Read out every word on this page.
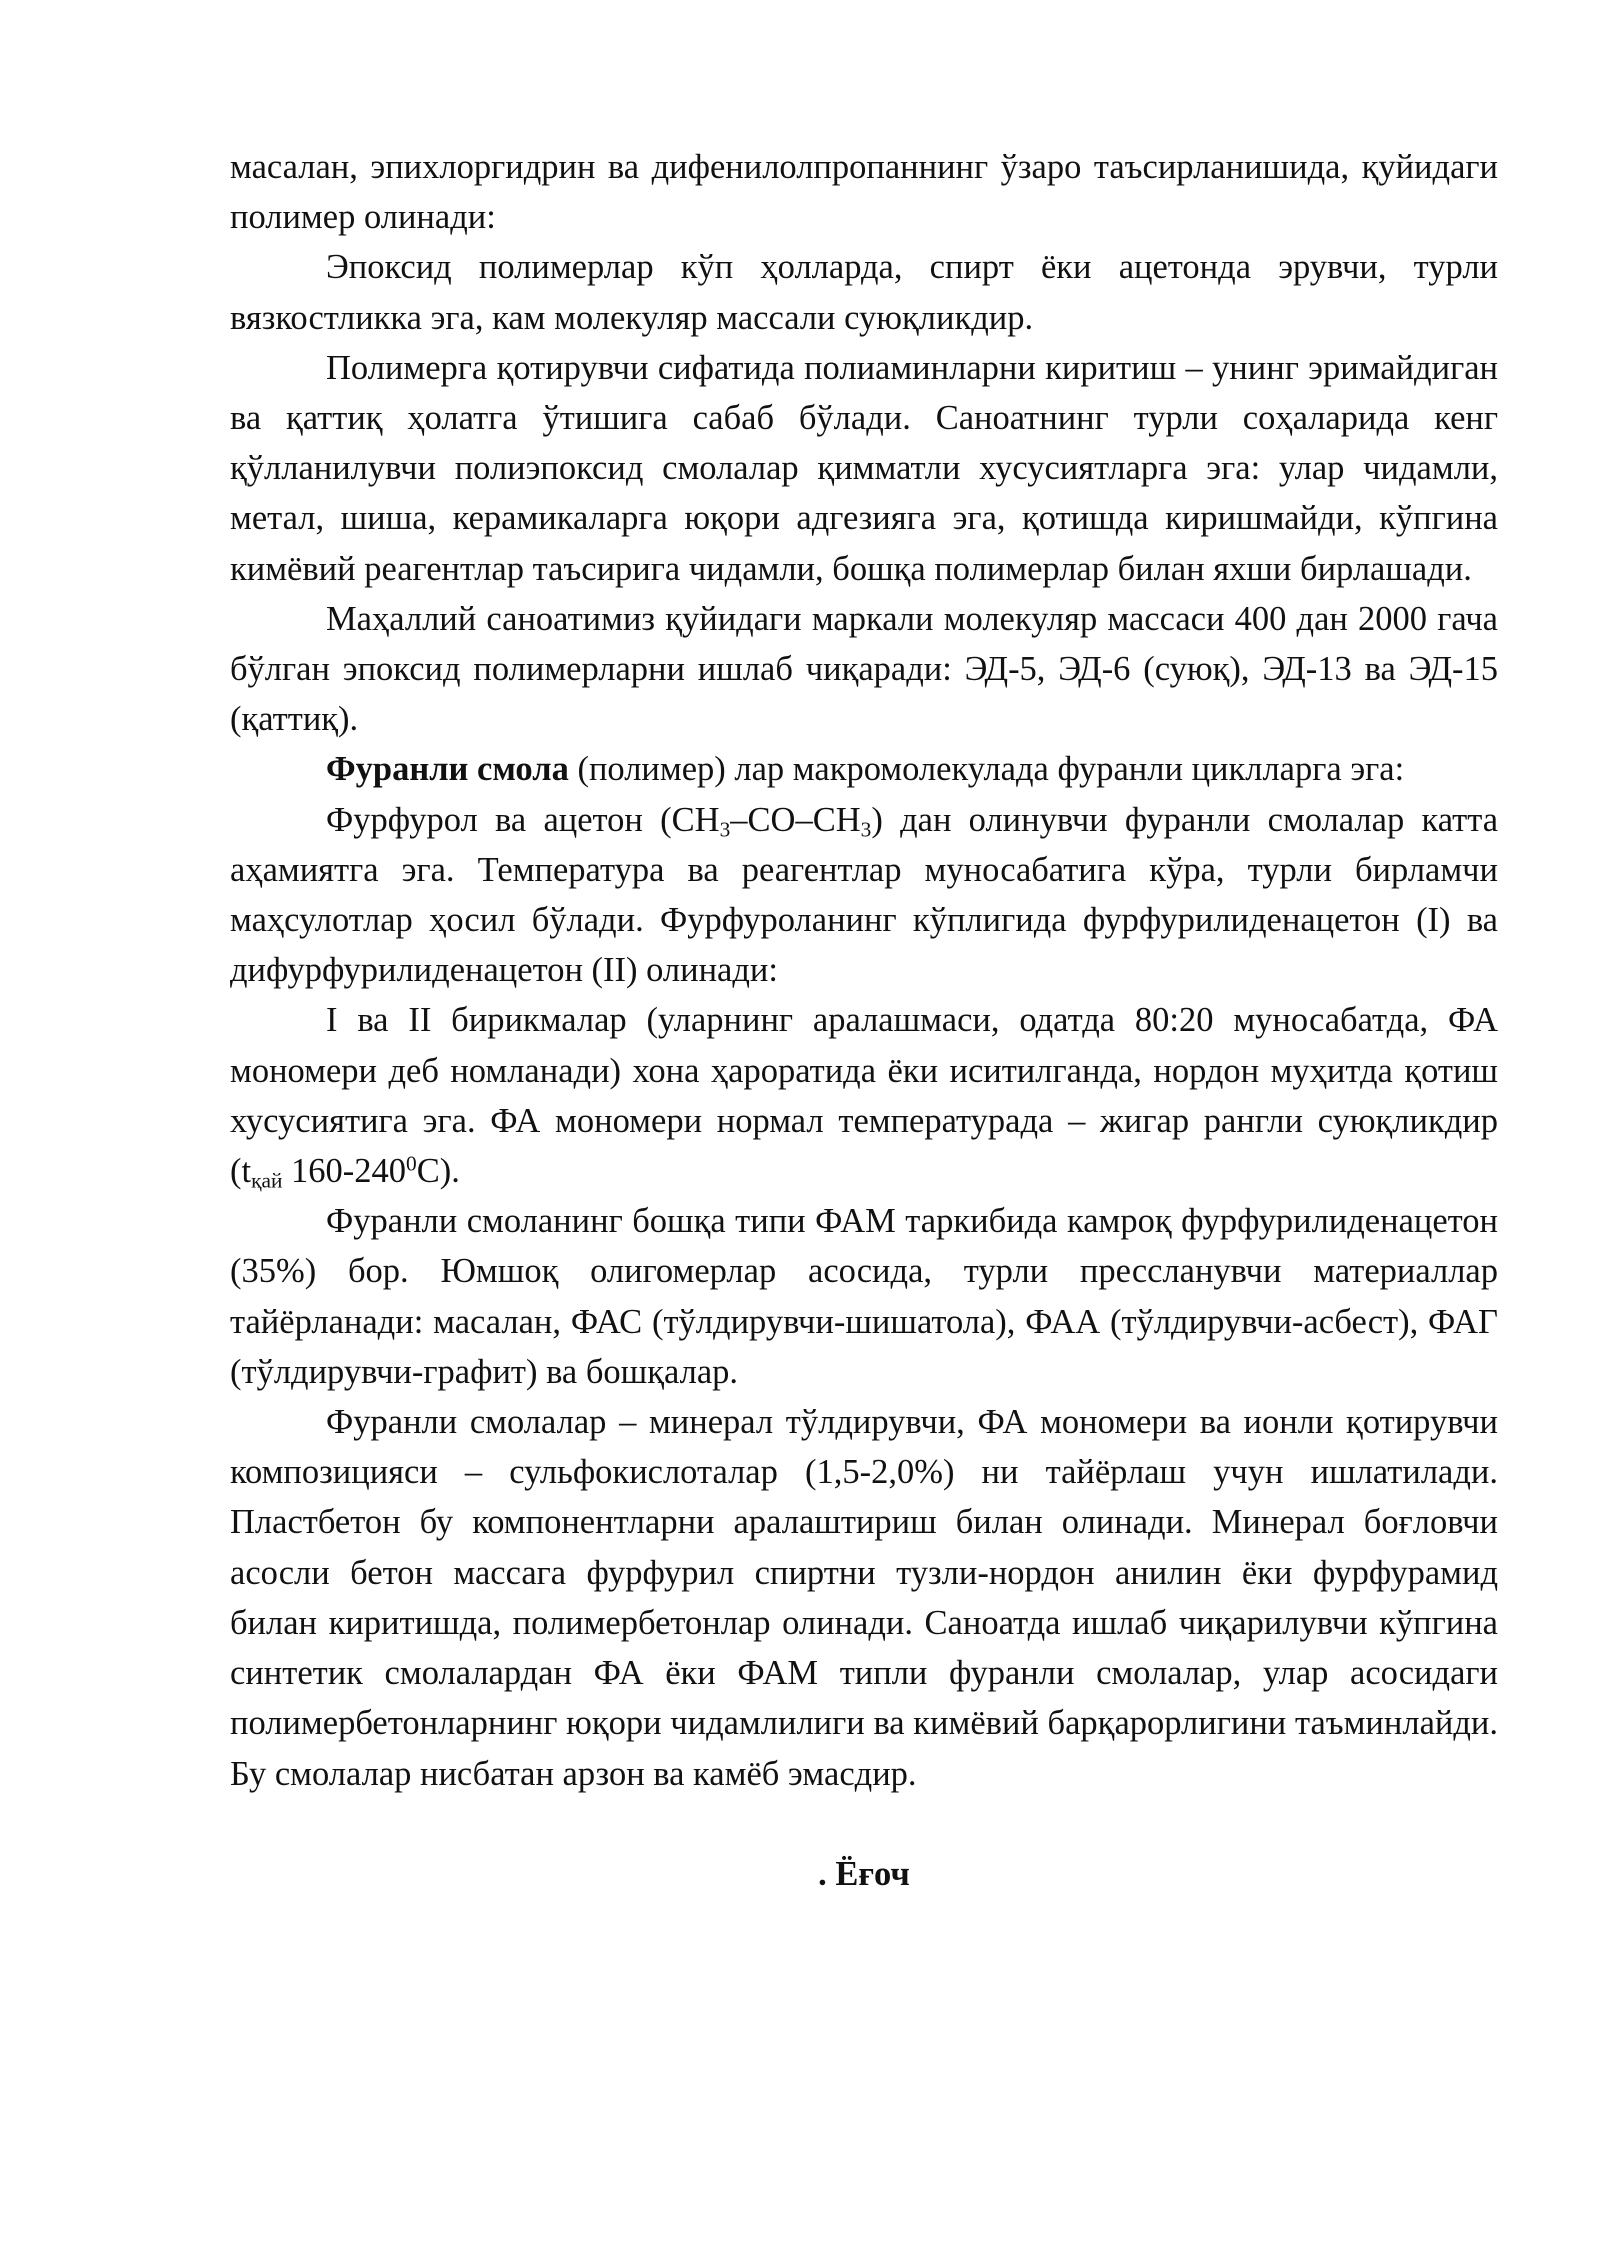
масалан, эпихлоргидрин ва дифенилолпропаннинг ўзаро таъсирланишида, қуйидаги полимер олинади:

Эпоксид полимерлар кўп ҳолларда, спирт ёки ацетонда эрувчи, турли вязкостликка эга, кам молекуляр массали суюқликдир.

Полимерга қотирувчи сифатида полиаминларни киритиш – унинг эримайдиган ва қаттиқ ҳолатга ўтишига сабаб бўлади. Саноатнинг турли соҳаларида кенг қўлланилувчи полиэпоксид смолалар қимматли хусусиятларга эга: улар чидамли, метал, шиша, керамикаларга юқори адгезияга эга, қотишда киришмайди, кўпгина кимёвий реагентлар таъсирига чидамли, бошқа полимерлар билан яхши бирлашади.

Маҳаллий саноатимиз қуйидаги маркали молекуляр массаси 400 дан 2000 гача бўлган эпоксид полимерларни ишлаб чиқаради: ЭД-5, ЭД-6 (суюқ), ЭД-13 ва ЭД-15 (қаттиқ).

Фуранли смола (полимер) лар макромолекулада фуранли циклларга эга:

Фурфурол ва ацетон $(СН_3-СО-СН_3)$ дан олинувчи фуранли смолалар катта аҳамиятга эга. Температура ва реагентлар муносабатига кўра, турли бирламчи маҳсулотлар ҳосил бўлади. Фурфуроланинг кўплигида фурфурилиденацетон (I) ва дифурфурилиденацетон (II) олинади:

I ва II бирикмалар (уларнинг аралашмаси, одатда 80:20 муносабатда, ФА мономери деб номланади) хона ҳароратида ёки иситилганда, нордон муҳитда қотиш хусусиятига эга. ФА мономери нормал температурада – жигар рангли суюқликдир ($t_{қай}$ $160-240^0С$).

Фуранли смоланинг бошқа типи ФАМ таркибида камроқ фурфурилиденацетон (35%) бор. Юмшоқ олигомерлар асосида, турли прессланувчи материаллар тайёрланади: масалан, ФАС (тўлдирувчи-шишатола), ФАА (тўлдирувчи-асбест), ФАГ (тўлдирувчи-графит) ва бошқалар.

Фуранли смолалар – минерал тўлдирувчи, ФА мономери ва ионли қотирувчи композицияси – сульфокислоталар (1,5-2,0%) ни тайёрлаш учун ишлатилади. Пластбетон бу компонентларни аралаштириш билан олинади. Минерал боғловчи асосли бетон массага фурфурил спиртни тузли-нордон анилин ёки фурфурамид билан киритишда, полимербетонлар олинади. Саноатда ишлаб чиқарилувчи кўпгина синтетик смолалардан ФА ёки ФАМ типли фуранли смолалар, улар асосидаги полимербетонларнинг юқори чидамлилиги ва кимёвий барқарорлигини таъминлайди. Бу смолалар нисбатан арзон ва камёб эмасдир.

. Ёғоч
